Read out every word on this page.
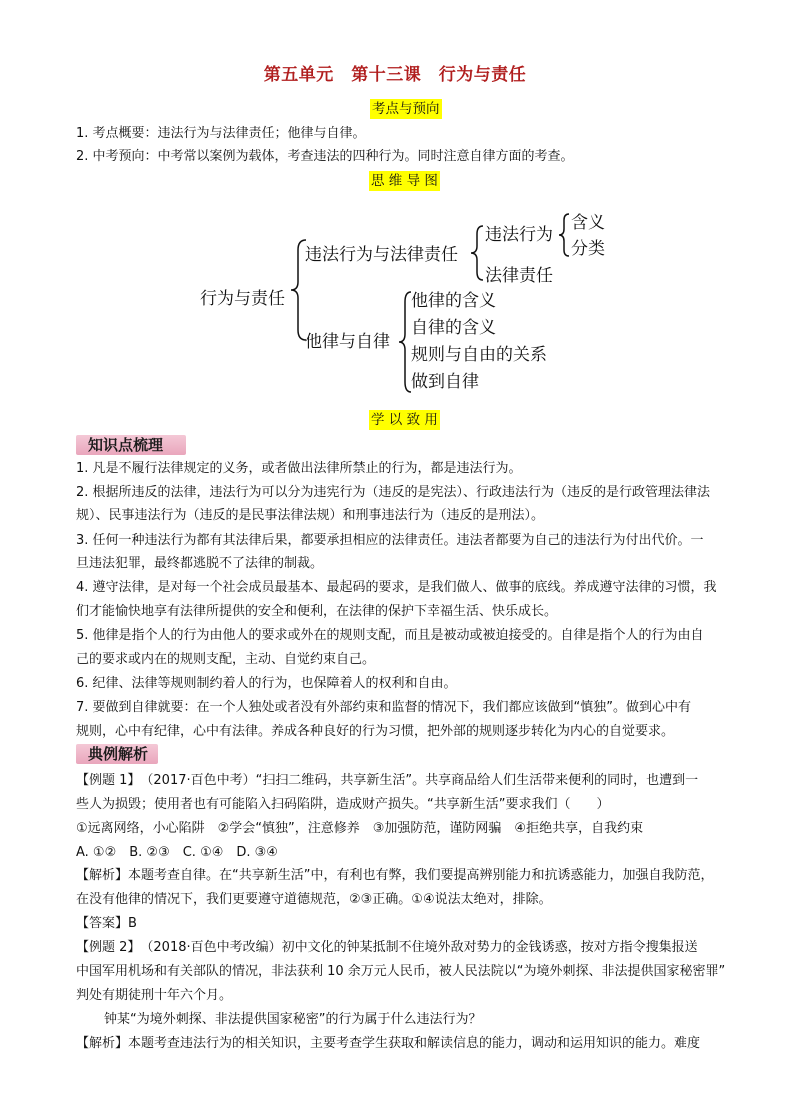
第五单元　第十三课　行为与责任
考点与预向
1. 考点概要：违法行为与法律责任；他律与自律。
2. 中考预向：中考常以案例为载体，考查违法的四种行为。同时注意自律方面的考查。
思 维 导 图
行为与责任
违法行为与法律责任
违法行为
法律责任
含义
分类
他律与自律
他律的含义
自律的含义
规则与自由的关系
做到自律
学 以 致 用
知识点梳理
1. 凡是不履行法律规定的义务，或者做出法律所禁止的行为，都是违法行为。
2. 根据所违反的法律，违法行为可以分为违宪行为（违反的是宪法）、行政违法行为（违反的是行政管理法律法
规）、民事违法行为（违反的是民事法律法规）和刑事违法行为（违反的是刑法）。
3. 任何一种违法行为都有其法律后果，都要承担相应的法律责任。违法者都要为自己的违法行为付出代价。一
旦违法犯罪，最终都逃脱不了法律的制裁。
4. 遵守法律，是对每一个社会成员最基本、最起码的要求，是我们做人、做事的底线。养成遵守法律的习惯，我
们才能愉快地享有法律所提供的安全和便利，在法律的保护下幸福生活、快乐成长。
5. 他律是指个人的行为由他人的要求或外在的规则支配，而且是被动或被迫接受的。自律是指个人的行为由自
己的要求或内在的规则支配，主动、自觉约束自己。
6. 纪律、法律等规则制约着人的行为，也保障着人的权利和自由。
7. 要做到自律就要：在一个人独处或者没有外部约束和监督的情况下，我们都应该做到“慎独”。做到心中有
规则，心中有纪律，心中有法律。养成各种良好的行为习惯，把外部的规则逐步转化为内心的自觉要求。
典例解析
【例题 1】　（2017·百色中考）“扫扫二维码，共享新生活”。共享商品给人们生活带来便利的同时，也遭到一
些人为损毁；使用者也有可能陷入扫码陷阱，造成财产损失。“共享新生活”要求我们（　　）
①远离网络，小心陷阱　②学会“慎独”，注意修养　③加强防范，谨防网骗　④拒绝共享，自我约束
A. ①②　B. ②③　C. ①④　D. ③④
【解析】本题考查自律。在“共享新生活”中，有利也有弊，我们要提高辨别能力和抗诱惑能力，加强自我防范，
在没有他律的情况下，我们更要遵守道德规范，②③正确。①④说法太绝对，排除。
【答案】B
【例题 2】　（2018·百色中考改编）初中文化的钟某抵制不住境外敌对势力的金钱诱惑，按对方指令搜集报送
中国军用机场和有关部队的情况，非法获利 10 余万元人民币，被人民法院以“为境外刺探、非法提供国家秘密罪”
判处有期徒刑十年六个月。
钟某“为境外刺探、非法提供国家秘密”的行为属于什么违法行为？
【解析】本题考查违法行为的相关知识，主要考查学生获取和解读信息的能力，调动和运用知识的能力。难度
